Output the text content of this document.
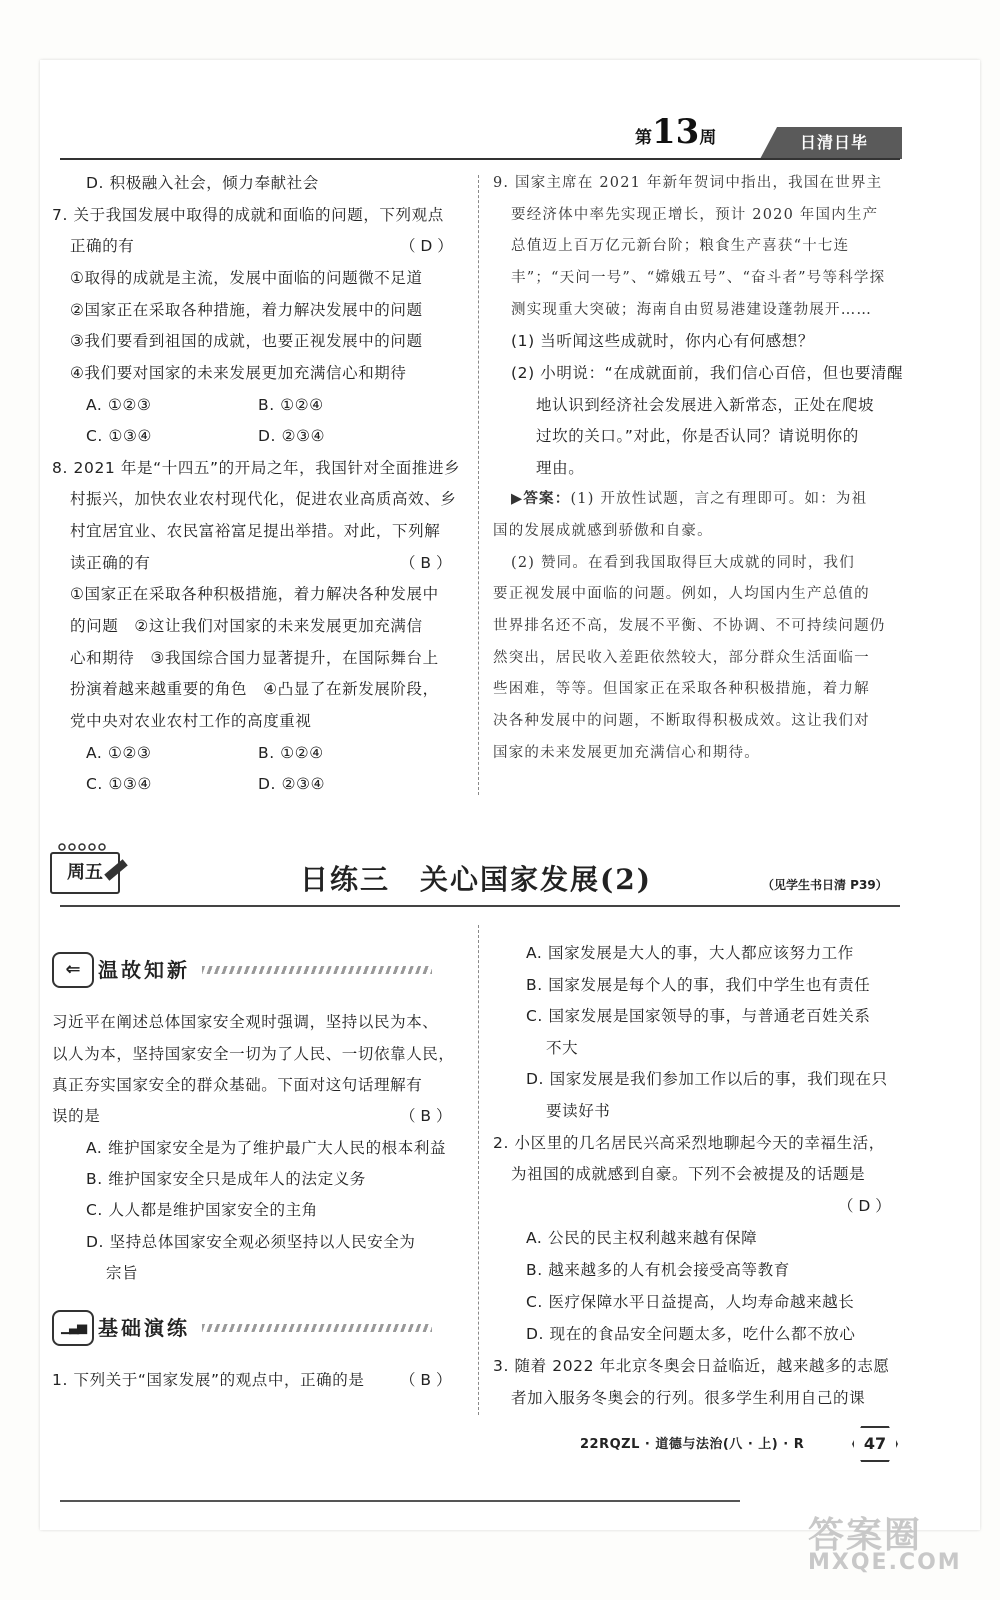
第13周	日清日毕
D. 积极融入社会，倾力奉献社会
7. 关于我国发展中取得的成就和面临的问题，下列观点
正确的有	（ D ）
①取得的成就是主流，发展中面临的问题微不足道
②国家正在采取各种措施，着力解决发展中的问题
③我们要看到祖国的成就，也要正视发展中的问题
④我们要对国家的未来发展更加充满信心和期待
A. ①②③	B. ①②④
C. ①③④	D. ②③④
8. 2021 年是“十四五”的开局之年，我国针对全面推进乡
村振兴，加快农业农村现代化，促进农业高质高效、乡
村宜居宜业、农民富裕富足提出举措。对此，下列解
读正确的有	（ B ）
①国家正在采取各种积极措施，着力解决各种发展中
的问题　②这让我们对国家的未来发展更加充满信
心和期待　③我国综合国力显著提升，在国际舞台上
扮演着越来越重要的角色　④凸显了在新发展阶段，
党中央对农业农村工作的高度重视
A. ①②③	B. ①②④
C. ①③④	D. ②③④
9. 国家主席在 2021 年新年贺词中指出，我国在世界主
要经济体中率先实现正增长，预计 2020 年国内生产
总值迈上百万亿元新台阶；粮食生产喜获“十七连
丰”；“天问一号”、“嫦娥五号”、“奋斗者”号等科学探
测实现重大突破；海南自由贸易港建设蓬勃展开……
(1) 当听闻这些成就时，你内心有何感想？
(2) 小明说：“在成就面前，我们信心百倍，但也要清醒
地认识到经济社会发展进入新常态，正处在爬坡
过坎的关口。”对此，你是否认同？请说明你的
理由。
▶答案：(1) 开放性试题，言之有理即可。如：为祖
国的发展成就感到骄傲和自豪。
(2) 赞同。在看到我国取得巨大成就的同时，我们
要正视发展中面临的问题。例如，人均国内生产总值的
世界排名还不高，发展不平衡、不协调、不可持续问题仍
然突出，居民收入差距依然较大，部分群众生活面临一
些困难，等等。但国家正在采取各种积极措施，着力解
决各种发展中的问题，不断取得积极成效。这让我们对
国家的未来发展更加充满信心和期待。
周五	日练三　关心国家发展(2)	（见学生书日清 P39）
⇐ 温故知新
习近平在阐述总体国家安全观时强调，坚持以民为本、
以人为本，坚持国家安全一切为了人民、一切依靠人民，
真正夯实国家安全的群众基础。下面对这句话理解有
误的是	（ B ）
A. 维护国家安全是为了维护最广大人民的根本利益
B. 维护国家安全只是成年人的法定义务
C. 人人都是维护国家安全的主角
D. 坚持总体国家安全观必须坚持以人民安全为
宗旨
▁▃▅ 基础演练
1. 下列关于“国家发展”的观点中，正确的是 （ B ）
A. 国家发展是大人的事，大人都应该努力工作
B. 国家发展是每个人的事，我们中学生也有责任
C. 国家发展是国家领导的事，与普通老百姓关系
不大
D. 国家发展是我们参加工作以后的事，我们现在只
要读好书
2. 小区里的几名居民兴高采烈地聊起今天的幸福生活，
为祖国的成就感到自豪。下列不会被提及的话题是
（ D ）
A. 公民的民主权利越来越有保障
B. 越来越多的人有机会接受高等教育
C. 医疗保障水平日益提高，人均寿命越来越长
D. 现在的食品安全问题太多，吃什么都不放心
3. 随着 2022 年北京冬奥会日益临近，越来越多的志愿
者加入服务冬奥会的行列。很多学生利用自己的课
22RQZL · 道德与法治(八 · 上) · R	47
答案圈
MXQE.COM
